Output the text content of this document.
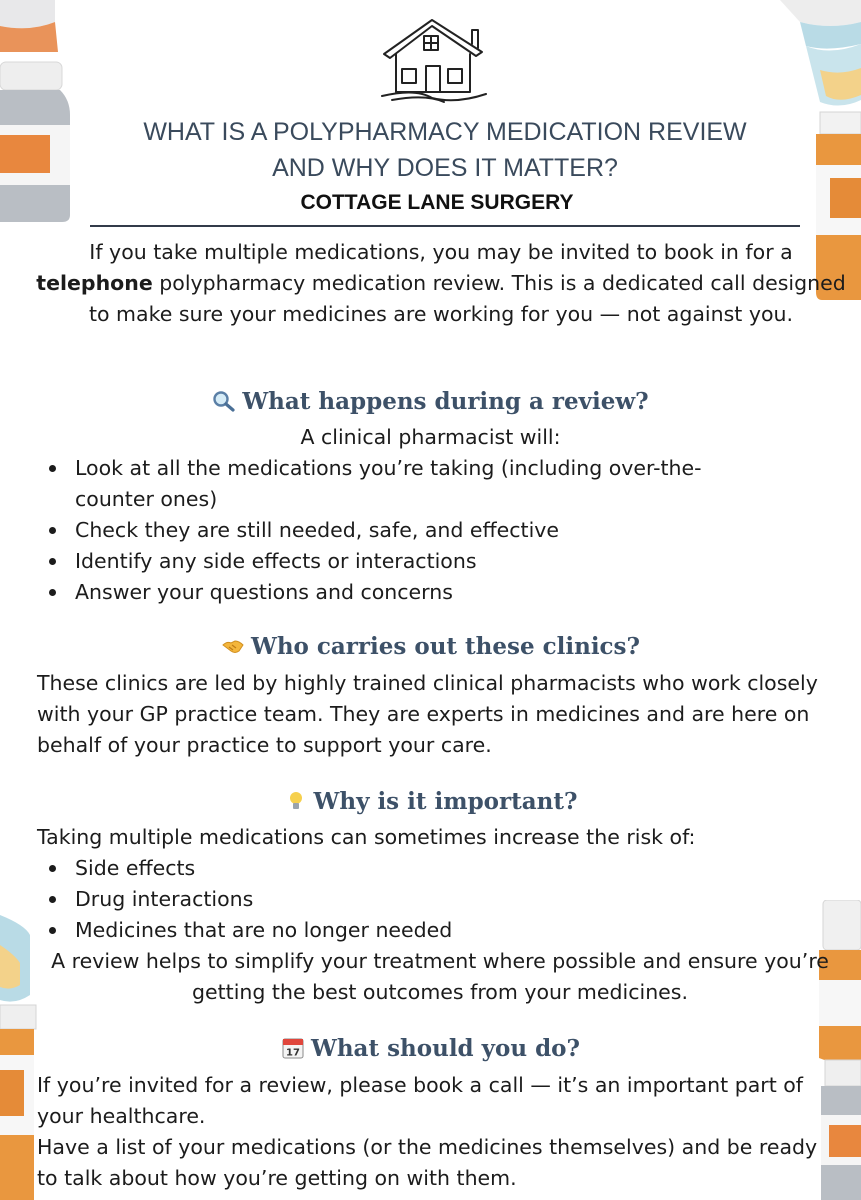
WHAT IS A POLYPHARMACY MEDICATION REVIEW
AND WHY DOES IT MATTER?
COTTAGE LANE SURGERY

If you take multiple medications, you may be invited to book in for a telephone polypharmacy medication review. This is a dedicated call designed to make sure your medicines are working for you — not against you.

What happens during a review?

A clinical pharmacist will:

Look at all the medications you’re taking (including over-the-counter ones)
Check they are still needed, safe, and effective
Identify any side effects or interactions
Answer your questions and concerns
Who carries out these clinics?

These clinics are led by highly trained clinical pharmacists who work closely with your GP practice team. They are experts in medicines and are here on behalf of your practice to support your care.

Why is it important?

Taking multiple medications can sometimes increase the risk of:

Side effects
Drug interactions
Medicines that are no longer needed

A review helps to simplify your treatment where possible and ensure you’re getting the best outcomes from your medicines.

17 What should you do?

If you’re invited for a review, please book a call — it’s an important part of your healthcare.

Have a list of your medications (or the medicines themselves) and be ready to talk about how you’re getting on with them.
